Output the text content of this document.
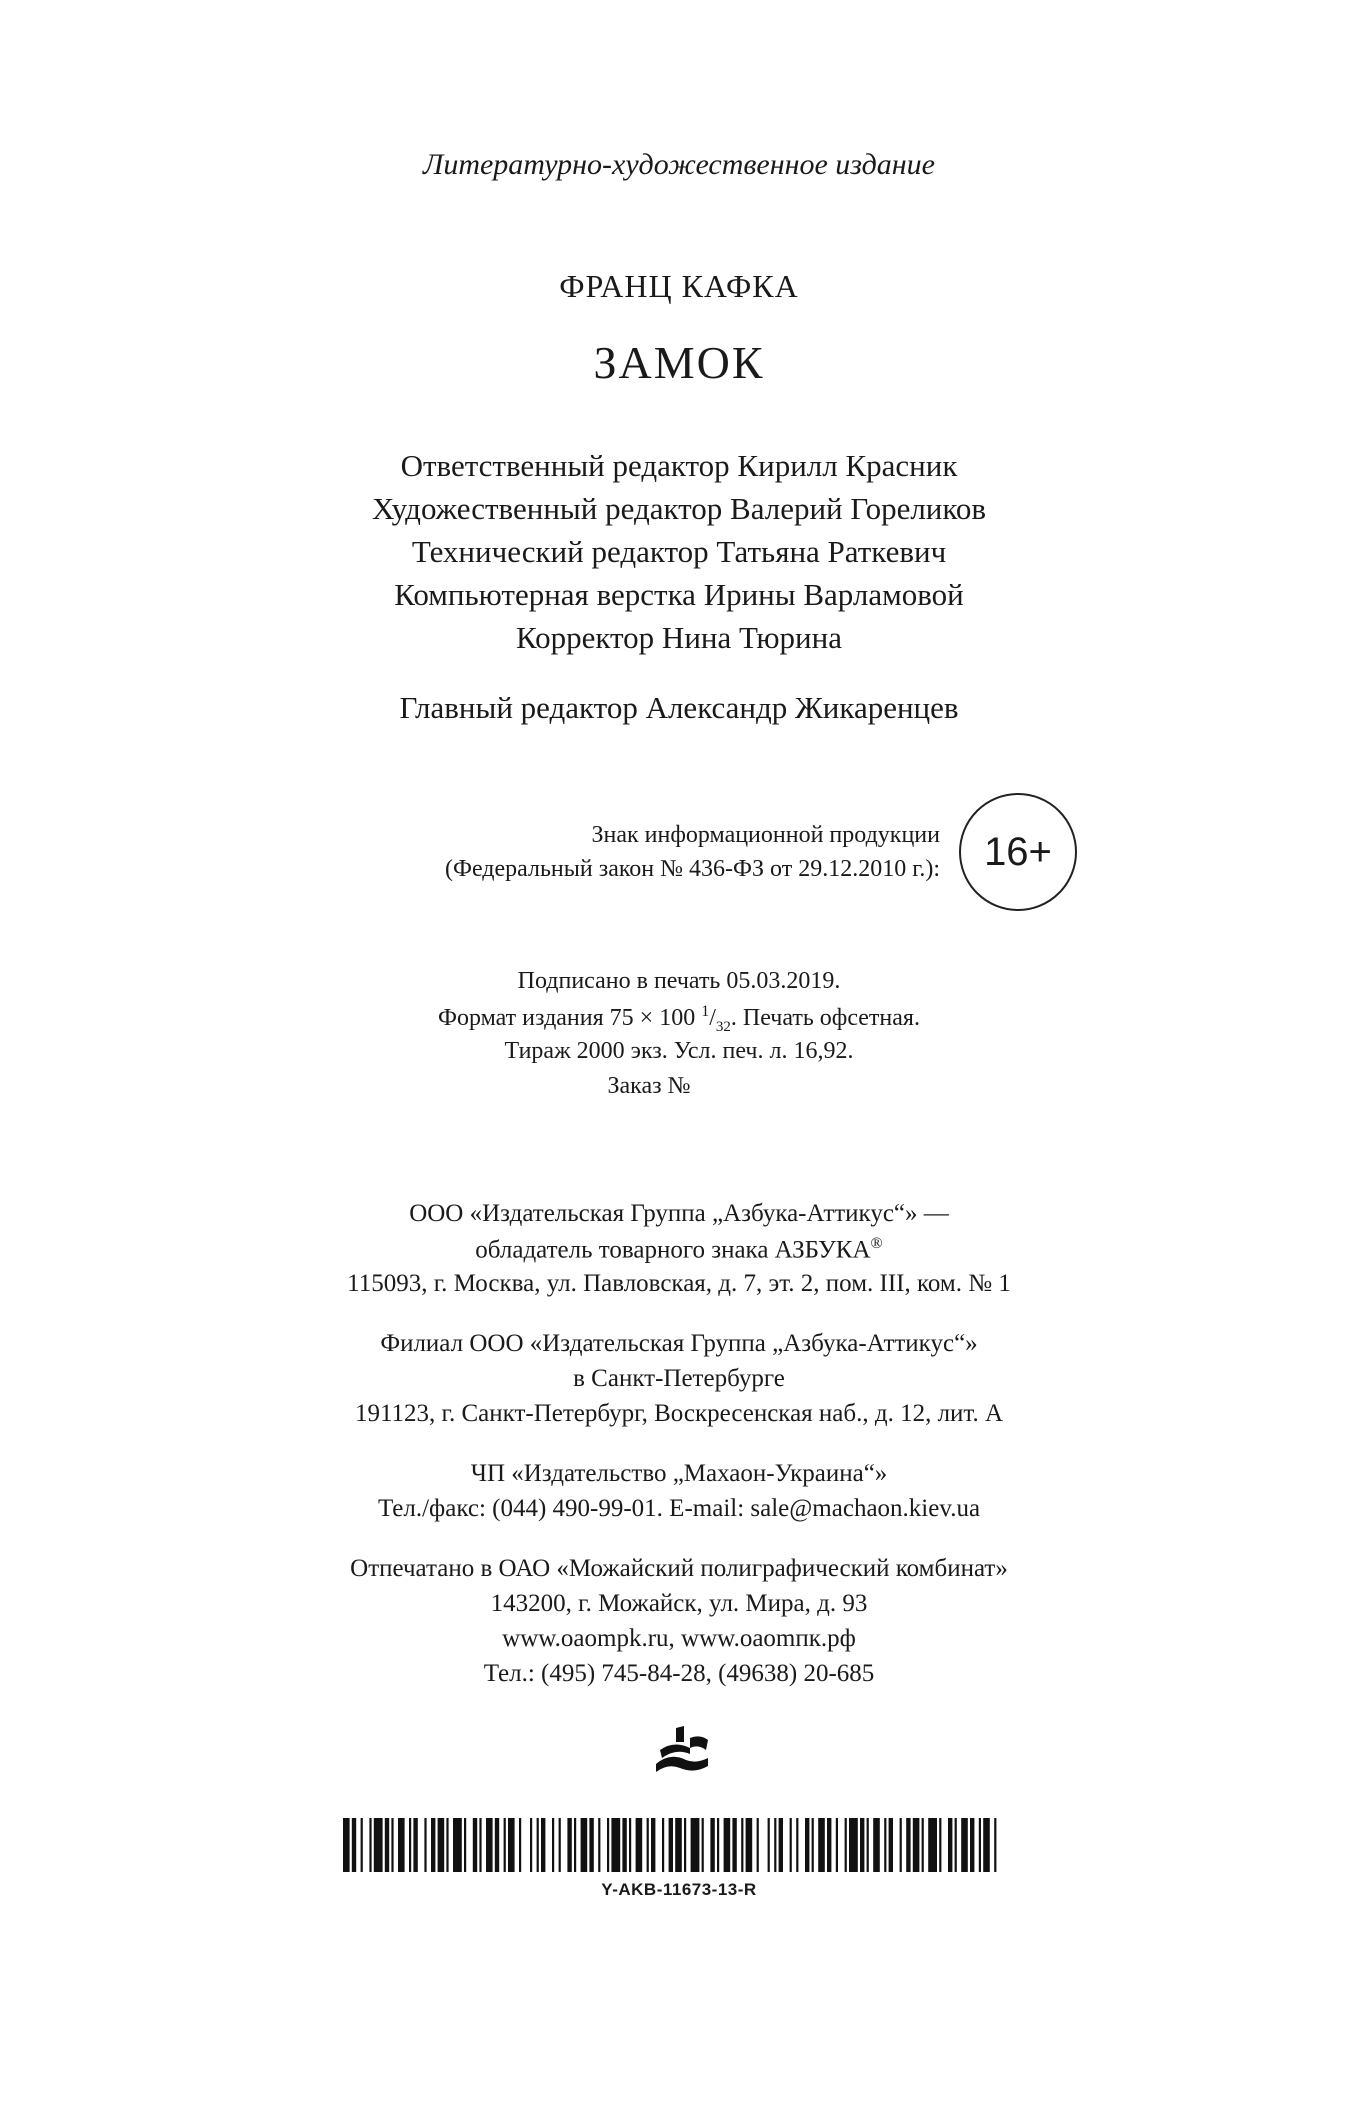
Литературно-художественное издание
ФРАНЦ КАФКА
ЗАМОК
Ответственный редактор Кирилл Красник
Художественный редактор Валерий Гореликов
Технический редактор Татьяна Раткевич
Компьютерная верстка Ирины Варламовой
Корректор Нина Тюрина
Главный редактор Александр Жикаренцев
Знак информационной продукции
(Федеральный закон № 436-ФЗ от 29.12.2010 г.):	16+
Подписано в печать 05.03.2019.
Формат издания 75 × 100 $^1/_{32}$. Печать офсетная.
Тираж 2000 экз. Усл. печ. л. 16,92.
Заказ №
ООО «Издательская Группа „Азбука-Аттикус“» —
обладатель товарного знака АЗБУКА®
115093, г. Москва, ул. Павловская, д. 7, эт. 2, пом. III, ком. № 1
Филиал ООО «Издательская Группа „Азбука-Аттикус“»
в Санкт-Петербурге
191123, г. Санкт-Петербург, Воскресенская наб., д. 12, лит. А
ЧП «Издательство „Махаон-Украина“»
Тел./факс: (044) 490-99-01. E-mail: sale@machaon.kiev.ua
Отпечатано в ОАО «Можайский полиграфический комбинат»
143200, г. Можайск, ул. Мира, д. 93
www.oaompk.ru, www.oaomпк.рф
Тел.: (495) 745-84-28, (49638) 20-685
Y-AKB-11673-13-R
